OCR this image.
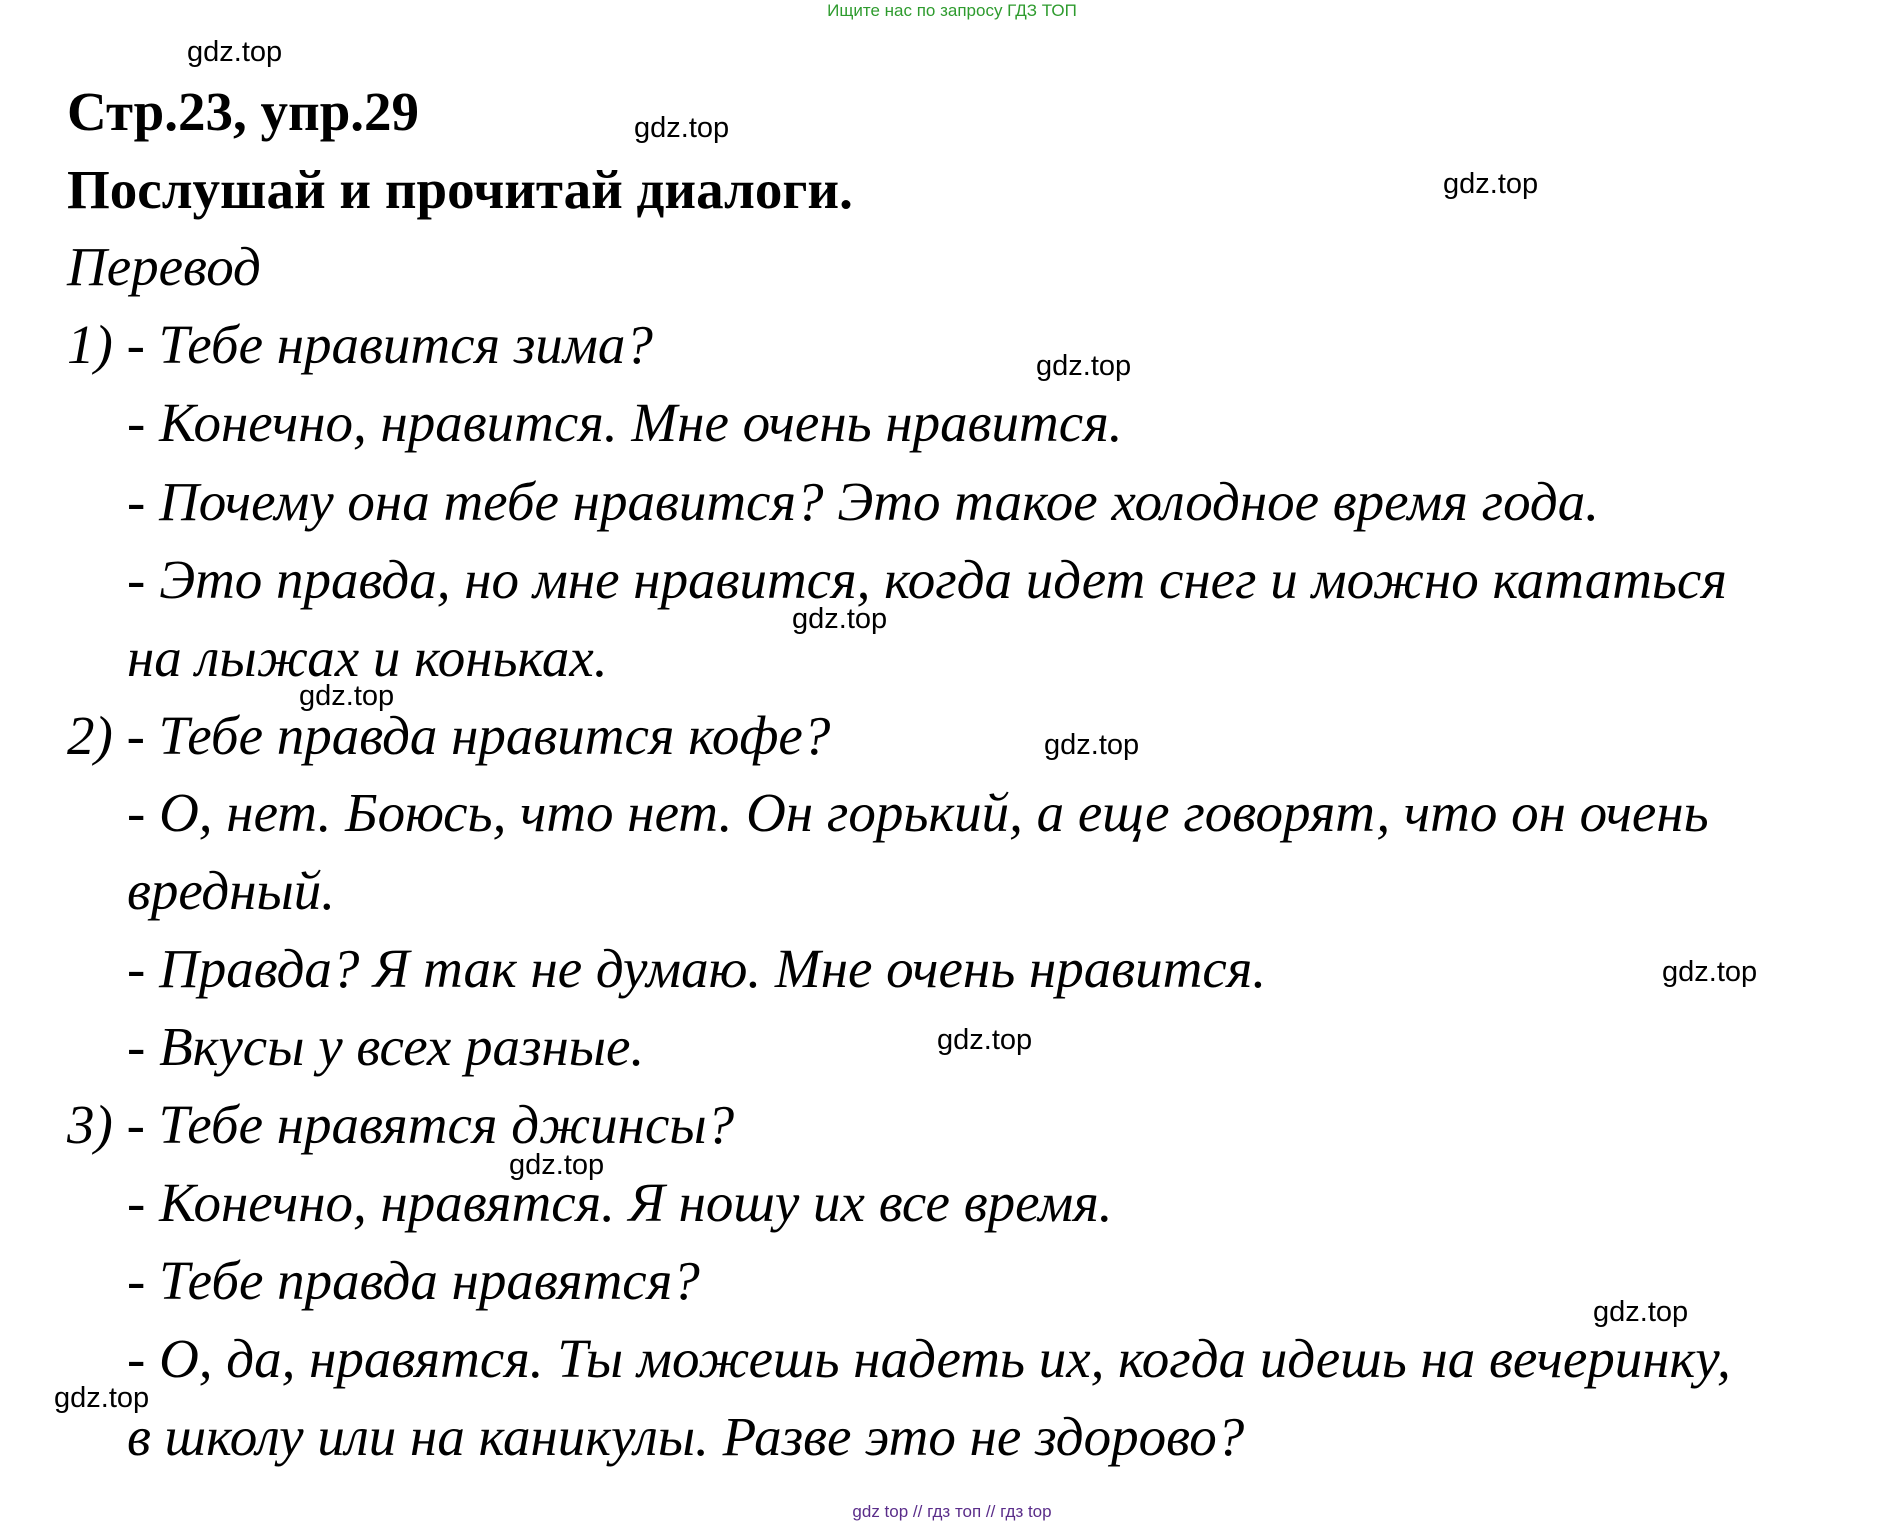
Ищите нас по запросу ГДЗ ТОП
Стр.23, упр.29
Послушай и прочитай диалоги.
Перевод
1) - Тебе нравится зима?
- Конечно, нравится. Мне очень нравится.
- Почему она тебе нравится? Это такое холодное время года.
- Это правда, но мне нравится, когда идет снег и можно кататься
на лыжах и коньках.
2) - Тебе правда нравится кофе?
- О, нет. Боюсь, что нет. Он горький, а еще говорят, что он очень
вредный.
- Правда? Я так не думаю. Мне очень нравится.
- Вкусы у всех разные.
3) - Тебе нравятся джинсы?
- Конечно, нравятся. Я ношу их все время.
- Тебе правда нравятся?
- О, да, нравятся. Ты можешь надеть их, когда идешь на вечеринку,
в школу или на каникулы. Разве это не здорово?
gdz.top
gdz.top
gdz.top
gdz.top
gdz.top
gdz.top
gdz.top
gdz.top
gdz.top
gdz.top
gdz.top
gdz.top
gdz top // гдз топ // гдз top
